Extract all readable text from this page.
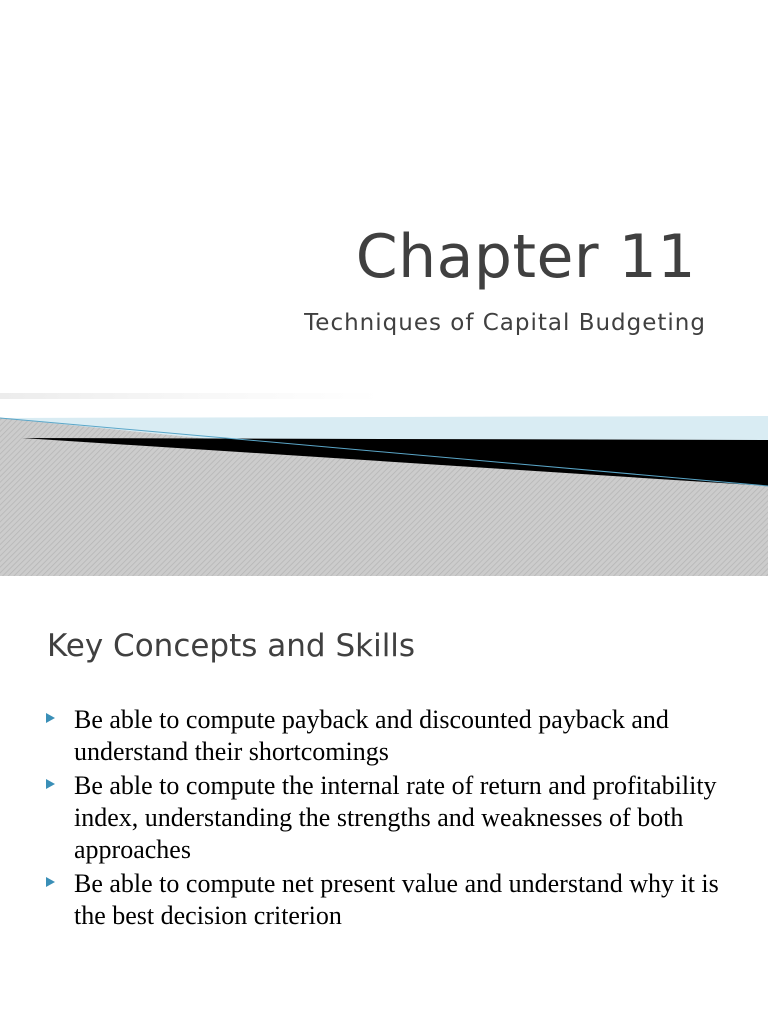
Chapter 11

Techniques of Capital Budgeting

Key Concepts and Skills
Be able to compute payback and discounted payback and understand their shortcomings
Be able to compute the internal rate of return and profitability index, understanding the strengths and weaknesses of both approaches
Be able to compute net present value and understand why it is the best decision criterion
